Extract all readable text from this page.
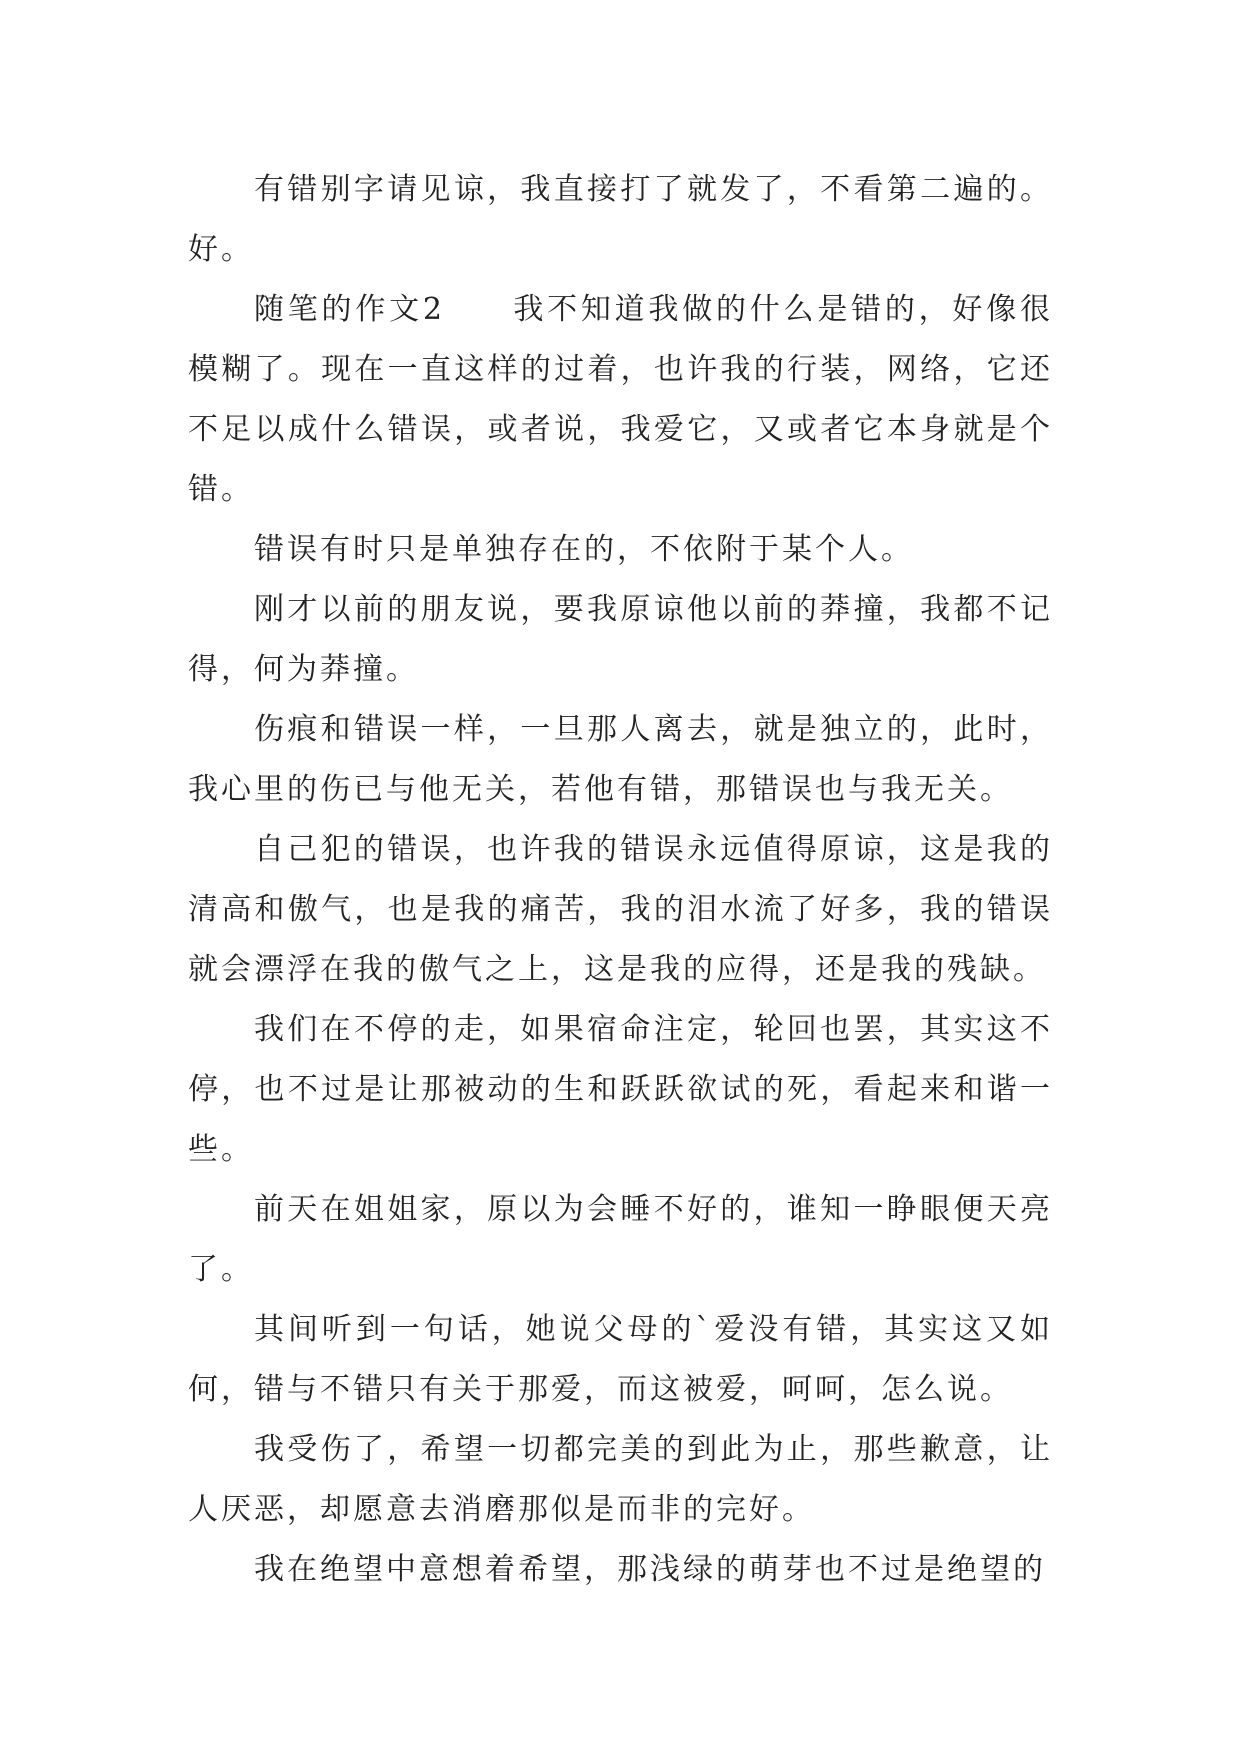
有错别字请见谅，我直接打了就发了，不看第二遍的。好。

随笔的作文2　　我不知道我做的什么是错的，好像很模糊了。现在一直这样的过着，也许我的行装，网络，它还不足以成什么错误，或者说，我爱它，又或者它本身就是个错。

错误有时只是单独存在的，不依附于某个人。

刚才以前的朋友说，要我原谅他以前的莽撞，我都不记得，何为莽撞。

伤痕和错误一样，一旦那人离去，就是独立的，此时，我心里的伤已与他无关，若他有错，那错误也与我无关。

自己犯的错误，也许我的错误永远值得原谅，这是我的清高和傲气，也是我的痛苦，我的泪水流了好多，我的错误就会漂浮在我的傲气之上，这是我的应得，还是我的残缺。

我们在不停的走，如果宿命注定，轮回也罢，其实这不停，也不过是让那被动的生和跃跃欲试的死，看起来和谐一些。

前天在姐姐家，原以为会睡不好的，谁知一睁眼便天亮了。

其间听到一句话，她说父母的`爱没有错，其实这又如何，错与不错只有关于那爱，而这被爱，呵呵，怎么说。

我受伤了，希望一切都完美的到此为止，那些歉意，让人厌恶，却愿意去消磨那似是而非的完好。

我在绝望中意想着希望，那浅绿的萌芽也不过是绝望的
